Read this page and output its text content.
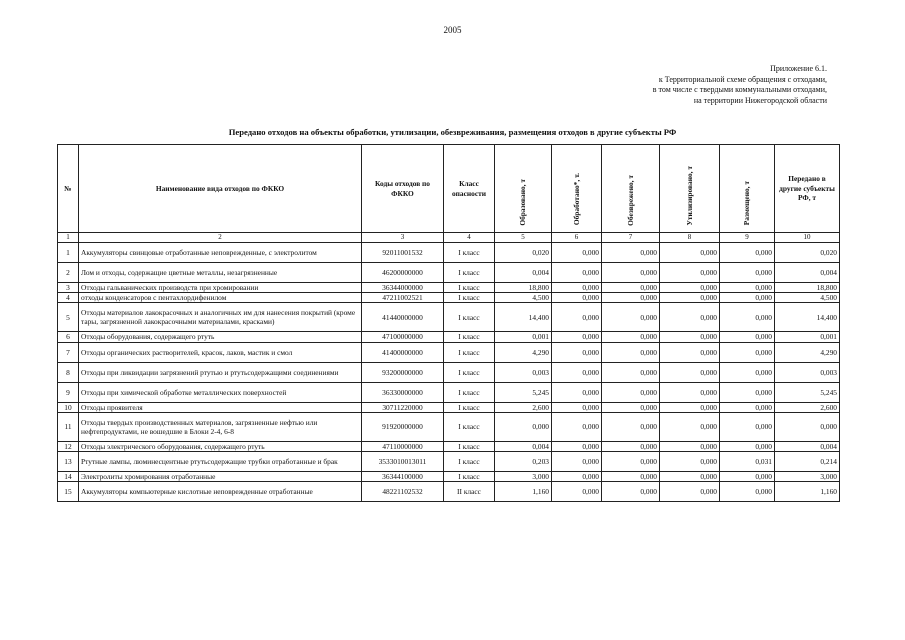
2005
Приложение 6.1.
к Территориальной схеме обращения с отходами,
в том числе с твердыми коммунальными отходами,
на территории Нижегородской области
Передано отходов на объекты обработки, утилизации, обезвреживания, размещения отходов в другие субъекты РФ
№	Наименование вида отходов по ФККО	Коды отходов по ФККО	Класс опасности	Образовано, т	Обработано*, т.	Обезврежено, т	Утилизировано, т	Размещено, т	Передано в другие субъекты РФ, т
1	2	3	4	5	6	7	8	9	10
1	Аккумуляторы свинцовые отработанные неповрежденные, с электролитом	92011001532	I класс	0,020	0,000	0,000	0,000	0,000	0,020
2	Лом и отходы, содержащие цветные металлы, незагрязненные	46200000000	I класс	0,004	0,000	0,000	0,000	0,000	0,004
3	Отходы гальванических производств при хромировании	36344000000	I класс	18,800	0,000	0,000	0,000	0,000	18,800
4	отходы конденсаторов с пентахлордифенилом	47211002521	I класс	4,500	0,000	0,000	0,000	0,000	4,500
5	Отходы материалов лакокрасочных и аналогичных им для нанесения покрытий (кроме тары, загрязненной лакокрасочными материалами, красками)	41440000000	I класс	14,400	0,000	0,000	0,000	0,000	14,400
6	Отходы оборудования, содержащего ртуть	47100000000	I класс	0,001	0,000	0,000	0,000	0,000	0,001
7	Отходы органических растворителей, красок, лаков, мастик и смол	41400000000	I класс	4,290	0,000	0,000	0,000	0,000	4,290
8	Отходы при ликвидации загрязнений ртутью и ртутьсодержащими соединениями	93200000000	I класс	0,003	0,000	0,000	0,000	0,000	0,003
9	Отходы при химической обработке металлических поверхностей	36330000000	I класс	5,245	0,000	0,000	0,000	0,000	5,245
10	Отходы проявителя	30711220000	I класс	2,600	0,000	0,000	0,000	0,000	2,600
11	Отходы твердых производственных материалов, загрязненные нефтью или нефтепродуктами, не вошедшие в Блоки 2-4, 6-8	91920000000	I класс	0,000	0,000	0,000	0,000	0,000	0,000
12	Отходы электрического оборудования, содержащего ртуть	47110000000	I класс	0,004	0,000	0,000	0,000	0,000	0,004
13	Ртутные лампы, люминесцентные ртутьсодержащие трубки отработанные и брак	3533010013011	I класс	0,203	0,000	0,000	0,000	0,031	0,214
14	Электролиты хромирования отработанные	36344100000	I класс	3,000	0,000	0,000	0,000	0,000	3,000
15	Аккумуляторы компьютерные кислотные неповрежденные отработанные	48221102532	II класс	1,160	0,000	0,000	0,000	0,000	1,160
